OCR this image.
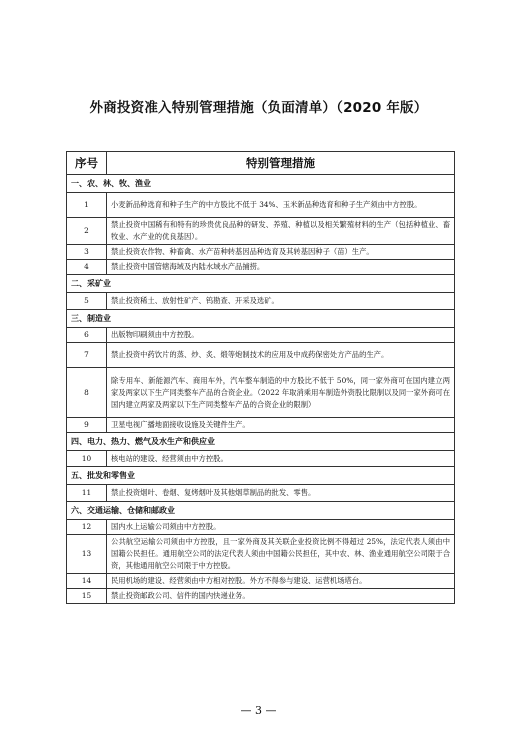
外商投资准入特别管理措施（负面清单）（2020 年版）
序号	特别管理措施
一、农、林、牧、渔业	
1	小麦新品种选育和种子生产的中方股比不低于 34%、玉米新品种选育和种子生产须由中方控股。
2	禁止投资中国稀有和特有的珍贵优良品种的研发、养殖、种植以及相关繁殖材料的生产（包括种植业、畜牧业、水产业的优良基因）。
3	禁止投资农作物、种畜禽、水产苗种转基因品种选育及其转基因种子（苗）生产。
4	禁止投资中国管辖海域及内陆水域水产品捕捞。
二、采矿业	
5	禁止投资稀土、放射性矿产、钨勘查、开采及选矿。
三、制造业	
6	出版物印刷须由中方控股。
7	禁止投资中药饮片的蒸、炒、炙、煅等炮制技术的应用及中成药保密处方产品的生产。
8	除专用车、新能源汽车、商用车外，汽车整车制造的中方股比不低于 50%，同一家外商可在国内建立两家及两家以下生产同类整车产品的合资企业。（2022 年取消乘用车制造外资股比限制以及同一家外商可在国内建立两家及两家以下生产同类整车产品的合资企业的限制）
9	卫星电视广播地面接收设施及关键件生产。
四、电力、热力、燃气及水生产和供应业	
10	核电站的建设、经营须由中方控股。
五、批发和零售业	
11	禁止投资烟叶、卷烟、复烤烟叶及其他烟草制品的批发、零售。
六、交通运输、仓储和邮政业	
12	国内水上运输公司须由中方控股。
13	公共航空运输公司须由中方控股，且一家外商及其关联企业投资比例不得超过 25%，法定代表人须由中国籍公民担任。通用航空公司的法定代表人须由中国籍公民担任，其中农、林、渔业通用航空公司限于合资，其他通用航空公司限于中方控股。
14	民用机场的建设、经营须由中方相对控股。外方不得参与建设、运营机场塔台。
15	禁止投资邮政公司、信件的国内快递业务。
— 3 —
